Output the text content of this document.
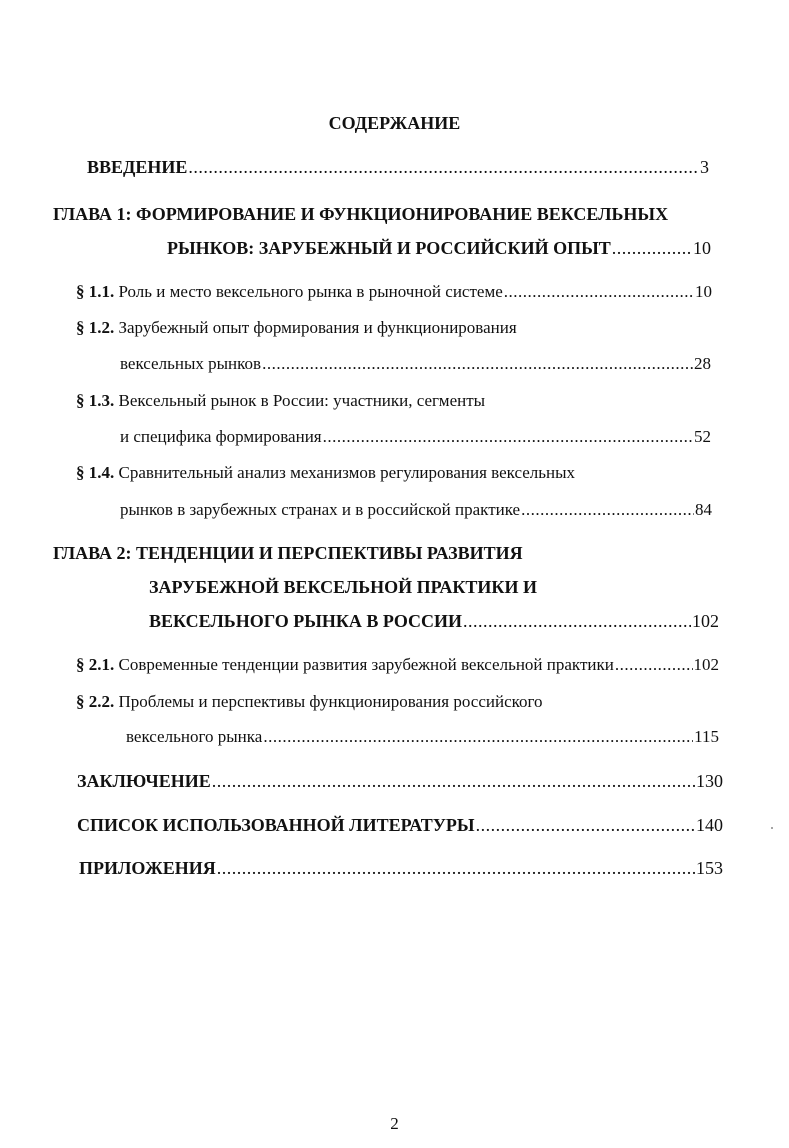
СОДЕРЖАНИЕ
ВВЕДЕНИЕ .....	3
ГЛАВА 1: ФОРМИРОВАНИЕ И ФУНКЦИОНИРОВАНИЕ ВЕКСЕЛЬНЫХ
РЫНКОВ: ЗАРУБЕЖНЫЙ И РОССИЙСКИЙ ОПЫТ .....	10
§ 1.1.
Роль и место вексельного рынка в рыночной системе .....	10
§ 1.2. Зарубежный опыт формирования и функционирования
вексельных рынков .....	28
§ 1.3. Вексельный рынок в России: участники, сегменты
и специфика формирования .....	52
§ 1.4. Сравнительный анализ механизмов регулирования вексельных
рынков в зарубежных странах и в российской практике .....	84
ГЛАВА 2: ТЕНДЕНЦИИ И ПЕРСПЕКТИВЫ РАЗВИТИЯ
ЗАРУБЕЖНОЙ ВЕКСЕЛЬНОЙ ПРАКТИКИ И
ВЕКСЕЛЬНОГО РЫНКА В РОССИИ .....	102
§ 2.1.
Современные тенденции развития зарубежной вексельной практики .....	102
§ 2.2. Проблемы и перспективы функционирования российского
вексельного рынка .....	115
ЗАКЛЮЧЕНИЕ .....	130
СПИСОК ИСПОЛЬЗОВАННОЙ ЛИТЕРАТУРЫ .....	140
ПРИЛОЖЕНИЯ .....	153
2
